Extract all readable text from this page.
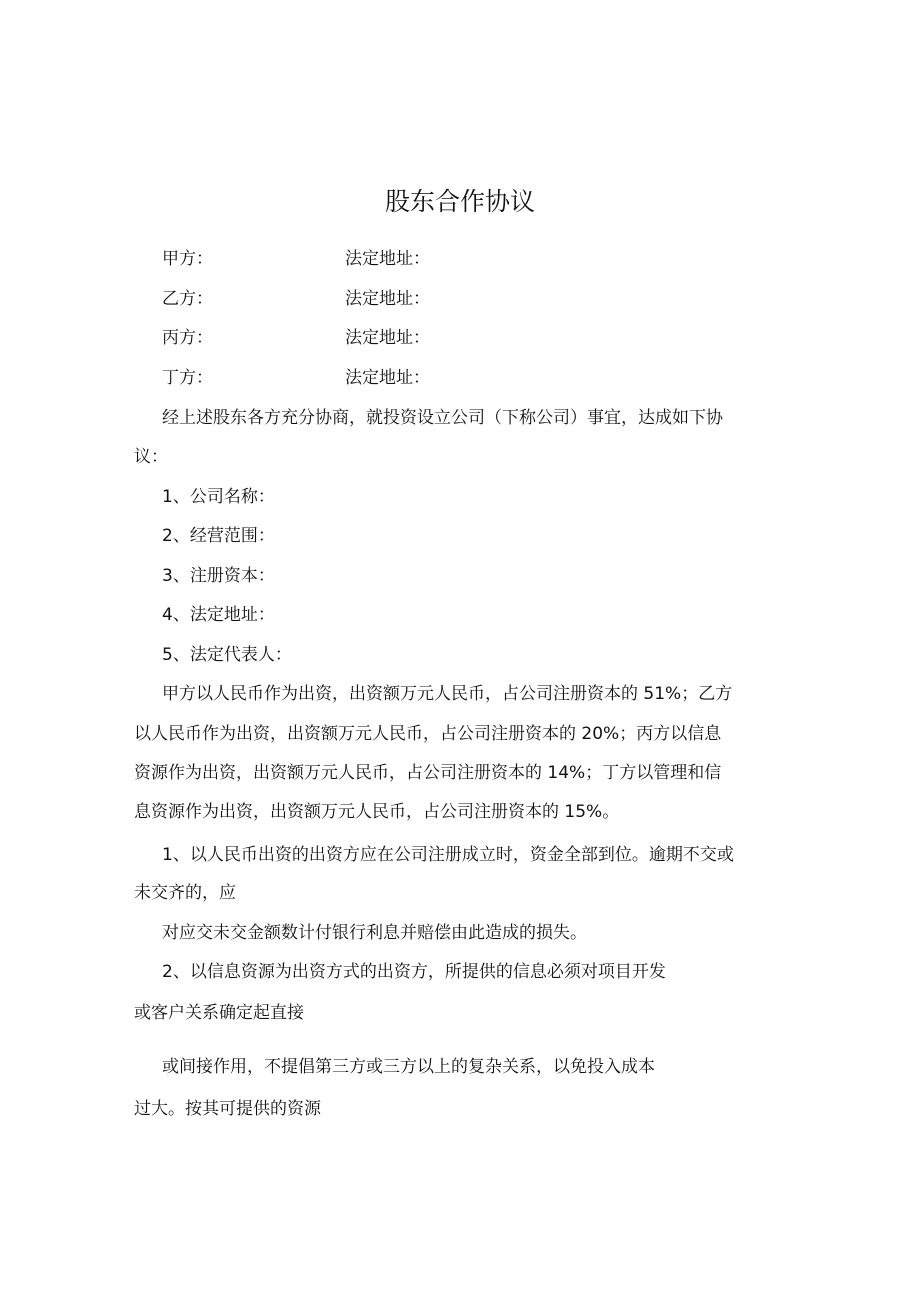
股东合作协议
甲方：	法定地址：
乙方：	法定地址：
丙方：	法定地址：
丁方：	法定地址：
经上述股东各方充分协商，就投资设立公司（下称公司）事宜，达成如下协
议：
1、公司名称：
2、经营范围：
3、注册资本：
4、法定地址：
5、法定代表人：
甲方以人民币作为出资，出资额万元人民币，占公司注册资本的 51%；乙方
以人民币作为出资，出资额万元人民币，占公司注册资本的 20%；丙方以信息
资源作为出资，出资额万元人民币，占公司注册资本的 14%；丁方以管理和信
息资源作为出资，出资额万元人民币，占公司注册资本的 15%。
1、以人民币出资的出资方应在公司注册成立时，资金全部到位。逾期不交或
未交齐的，应
对应交未交金额数计付银行利息并赔偿由此造成的损失。
2、以信息资源为出资方式的出资方，所提供的信息必须对项目开发
或客户关系确定起直接
或间接作用，不提倡第三方或三方以上的复杂关系，以免投入成本
过大。按其可提供的资源
